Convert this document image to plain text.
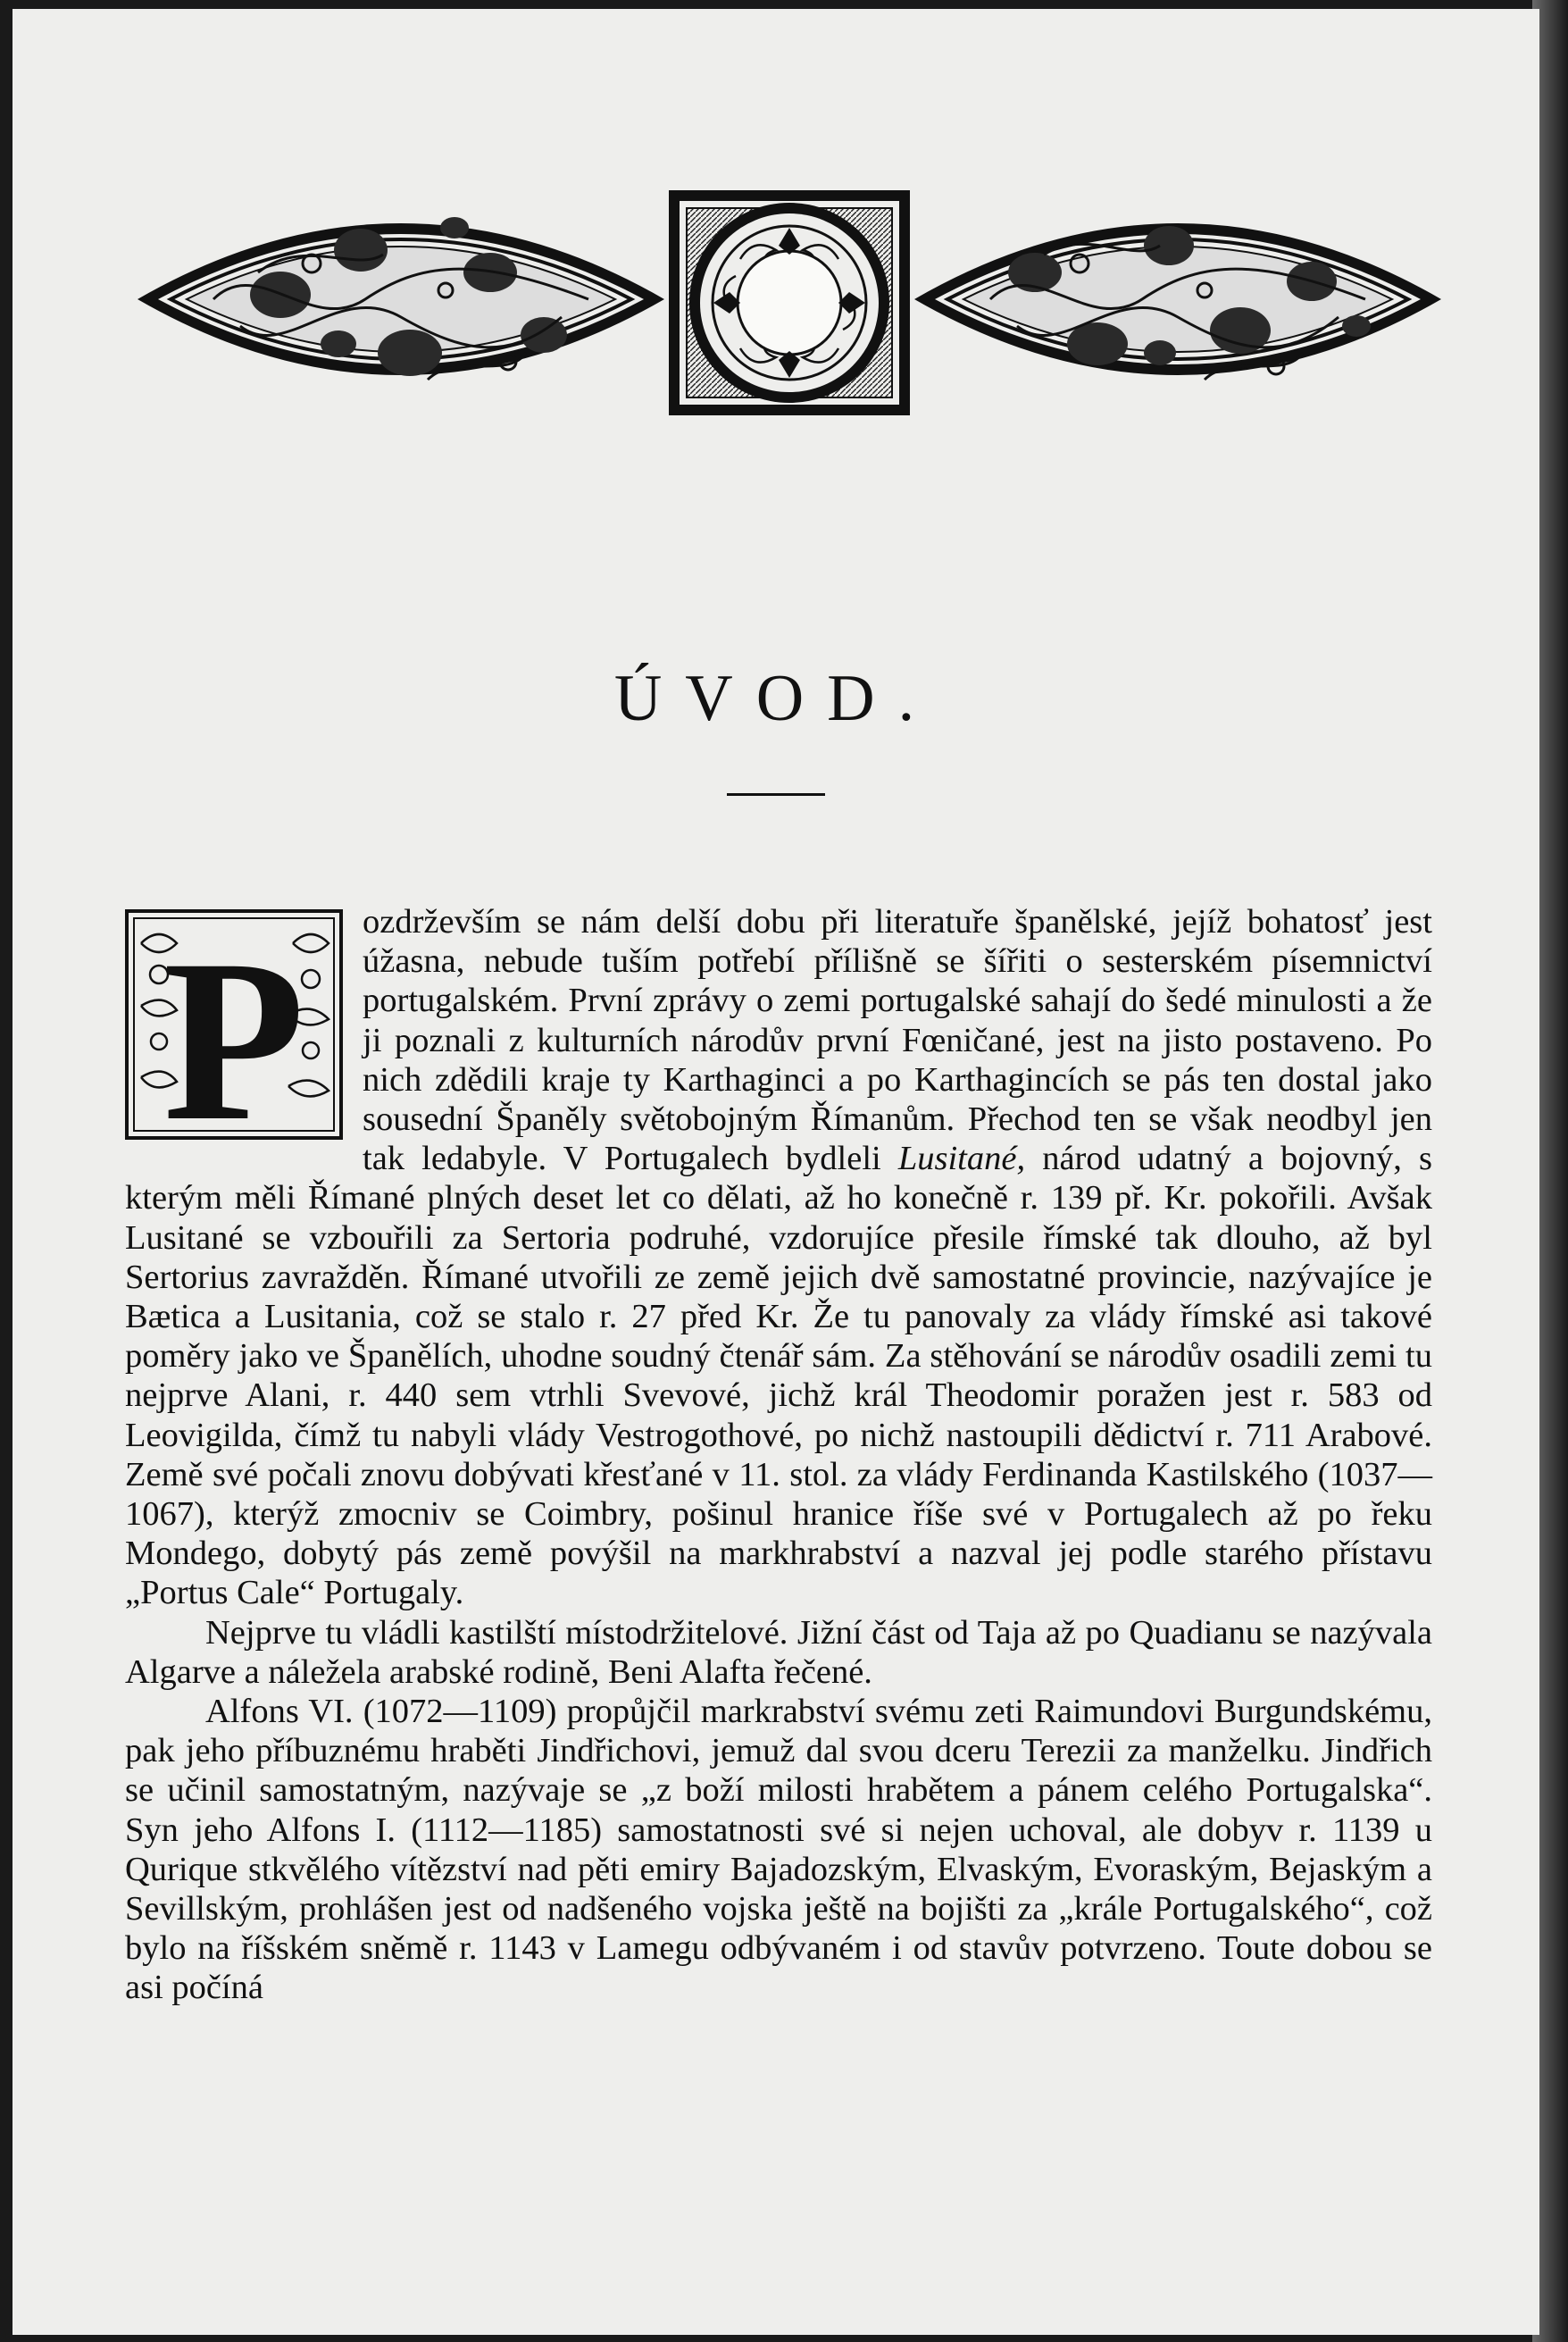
ÚVOD.

P ozdrževším se nám delší dobu při literatuře španělské, jejíž bohatosť jest úžasna, nebude tuším potřebí přílišně se šířiti o sesterském písemnictví portugalském. První zprávy o zemi portugalské sahají do šedé minulosti a že ji poznali z kulturních národův první Fœničané, jest na jisto postaveno. Po nich zdědili kraje ty Karthaginci a po Karthagincích se pás ten dostal jako sousední Španěly světobojným Římanům. Přechod ten se však neodbyl jen tak ledabyle. V Portugalech bydleli Lusitané, národ udatný a bojovný, s kterým měli Římané plných deset let co dělati, až ho konečně r. 139 př. Kr. pokořili. Avšak Lusitané se vzbouřili za Sertoria podruhé, vzdorujíce přesile římské tak dlouho, až byl Sertorius zavražděn. Římané utvořili ze země jejich dvě samostatné provincie, nazývajíce je Bætica a Lusitania, což se stalo r. 27 před Kr. Že tu panovaly za vlády římské asi takové poměry jako ve Španělích, uhodne soudný čtenář sám. Za stěhování se národův osadili zemi tu nejprve Alani, r. 440 sem vtrhli Svevové, jichž král Theodomir poražen jest r. 583 od Leovigilda, čímž tu nabyli vlády Vestrogothové, po nichž nastoupili dědictví r. 711 Arabové. Země své počali znovu dobývati křesťané v 11. stol. za vlády Ferdinanda Kastilského (1037—1067), kterýž zmocniv se Coimbry, pošinul hranice říše své v Portugalech až po řeku Mondego, dobytý pás země povýšil na markhrabství a nazval jej podle starého přístavu „Portus Cale“ Portugaly.

Nejprve tu vládli kastilští místodržitelové. Jižní část od Taja až po Quadianu se nazývala Algarve a náležela arabské rodině, Beni Alafta řečené.

Alfons VI. (1072—1109) propůjčil markrabství svému zeti Raimundovi Burgundskému, pak jeho příbuznému hraběti Jindřichovi, jemuž dal svou dceru Terezii za manželku. Jindřich se učinil samostatným, nazývaje se „z boží milosti hrabětem a pánem celého Portugalska“. Syn jeho Alfons I. (1112—1185) samostatnosti své si nejen uchoval, ale dobyv r. 1139 u Qurique stkvělého vítězství nad pěti emiry Bajadozským, Elvaským, Evoraským, Bejaským a Sevillským, prohlášen jest od nadšeného vojska ještě na bojišti za „krále Portugalského“, což bylo na říšském sněmě r. 1143 v Lamegu odbývaném i od stavův potvrzeno. Toute dobou se asi počíná
